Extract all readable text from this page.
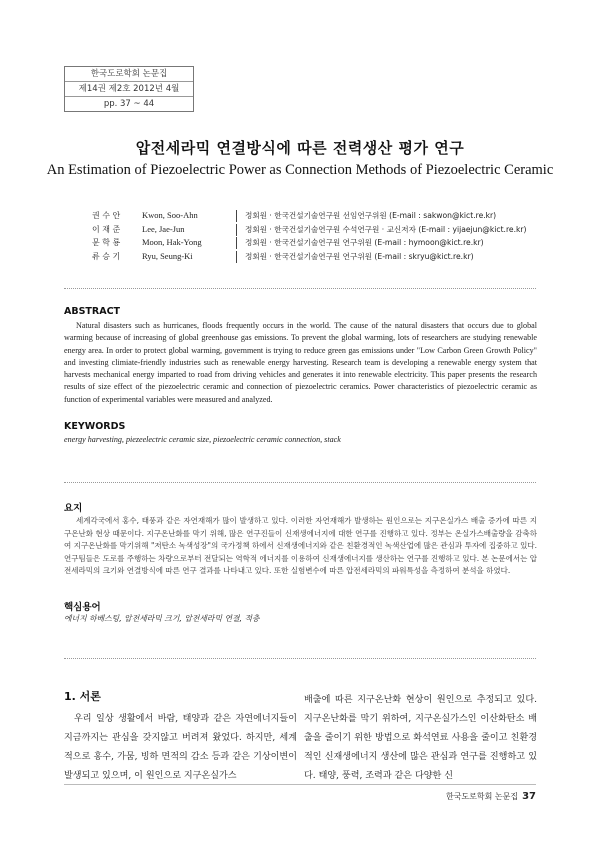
한국도로학회 논문집
제14권 제2호 2012년 4월
pp. 37 ~ 44
압전세라믹 연결방식에 따른 전력생산 평가 연구
An Estimation of Piezoelectric Power as Connection Methods of Piezoelectric Ceramic
권 수 안	Kwon, Soo-Ahn	정회원 · 한국건설기술연구원 선임연구위원 (E-mail : sakwon@kict.re.kr)
이 재 준	Lee, Jae-Jun	정회원 · 한국건설기술연구원 수석연구원 · 교신저자 (E-mail : yijaejun@kict.re.kr)
문 학 룡	Moon, Hak-Yong	정회원 · 한국건설기술연구원 연구위원 (E-mail : hymoon@kict.re.kr)
류 승 기	Ryu, Seung-Ki	정회원 · 한국건설기술연구원 연구위원 (E-mail : skryu@kict.re.kr)
ABSTRACT
Natural disasters such as hurricanes, floods frequently occurs in the world. The cause of the natural disasters that occurs due to global warming because of increasing of global greenhouse gas emissions. To prevent the global warming, lots of researchers are studying renewable energy area. In order to protect global warming, government is trying to reduce green gas emissions under "Low Carbon Green Growth Policy" and investing climiate-friendly industries such as renewable energy harvesting. Research team is developing a renewable energy system that harvests mechanical energy imparted to road from driving vehicles and generates it into renewable electricity. This paper presents the research results of size effect of the piezoelectric ceramic and connection of piezoelectric ceramics. Power characteristics of piezoelectric ceramic as function of experimental variables were measured and analyzed.
KEYWORDS
energy harvesting, piezeelectric ceramic size, piezoelectric ceramic connection, stack
요지
세계각국에서 홍수, 태풍과 같은 자연재해가 많이 발생하고 있다. 이러한 자연재해가 발생하는 원인으로는 지구온실가스 배출 증가에 따른 지구온난화 현상 때문이다. 지구온난화를 막기 위해, 많은 연구진들이 신재생에너지에 대한 연구를 진행하고 있다. 정부는 온실가스배출량을 감축하여 지구온난화를 막기위해 "저탄소 녹색성장"의 국가정책 하에서 신재생에너지와 같은 친환경적인 녹색산업에 많은 관심과 투자에 집중하고 있다. 연구팀들은 도로를 주행하는 차량으로부터 전달되는 역학적 에너지를 이용하여 신재생에너지를 생산하는 연구를 진행하고 있다. 본 논문에서는 압전세라믹의 크기와 연결방식에 따른 연구 결과를 나타내고 있다. 또한 실험변수에 따른 압전세라믹의 파워특성을 측정하여 분석을 하였다.
핵심용어
에너지 하베스팅, 압전세라믹 크기, 압전세라믹 연결, 적층
1. 서론
우리 일상 생활에서 바람, 태양과 같은 자연에너지들이 지금까지는 관심을 갖지않고 버려져 왔었다. 하지만, 세계적으로 홍수, 가뭄, 빙하 면적의 감소 등과 같은 기상이변이 발생되고 있으며, 이 원인으로 지구온실가스
배출에 따른 지구온난화 현상이 원인으로 추정되고 있다. 지구온난화를 막기 위하여, 지구온실가스인 이산화탄소 배출을 줄이기 위한 방법으로 화석연료 사용을 줄이고 친환경적인 신재생에너지 생산에 많은 관심과 연구를 진행하고 있다. 태양, 풍력, 조력과 같은 다양한 신
한국도로학회 논문집 37
